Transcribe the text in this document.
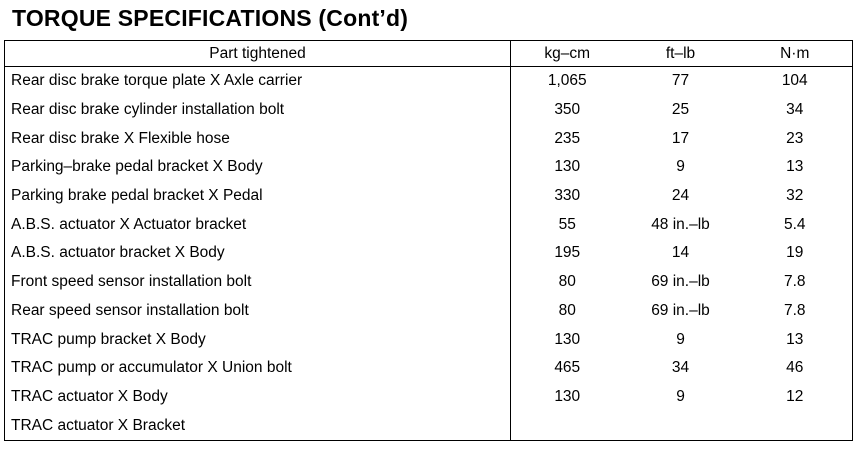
TORQUE SPECIFICATIONS (Cont’d)
Part tightened	kg–cm	ft–lb	N·m
Rear disc brake torque plate X Axle carrier	1,065	77	104
Rear disc brake cylinder installation bolt	350	25	34
Rear disc brake X Flexible hose	235	17	23
Parking–brake pedal bracket X Body	130	9	13
Parking brake pedal bracket X Pedal	330	24	32
A.B.S. actuator X Actuator bracket	55	48 in.–lb	5.4
A.B.S. actuator bracket X Body	195	14	19
Front speed sensor installation bolt	80	69 in.–lb	7.8
Rear speed sensor installation bolt	80	69 in.–lb	7.8
TRAC pump bracket X Body	130	9	13
TRAC pump or accumulator X Union bolt	465	34	46
TRAC actuator X Body	130	9	12
TRAC actuator X Bracket			
